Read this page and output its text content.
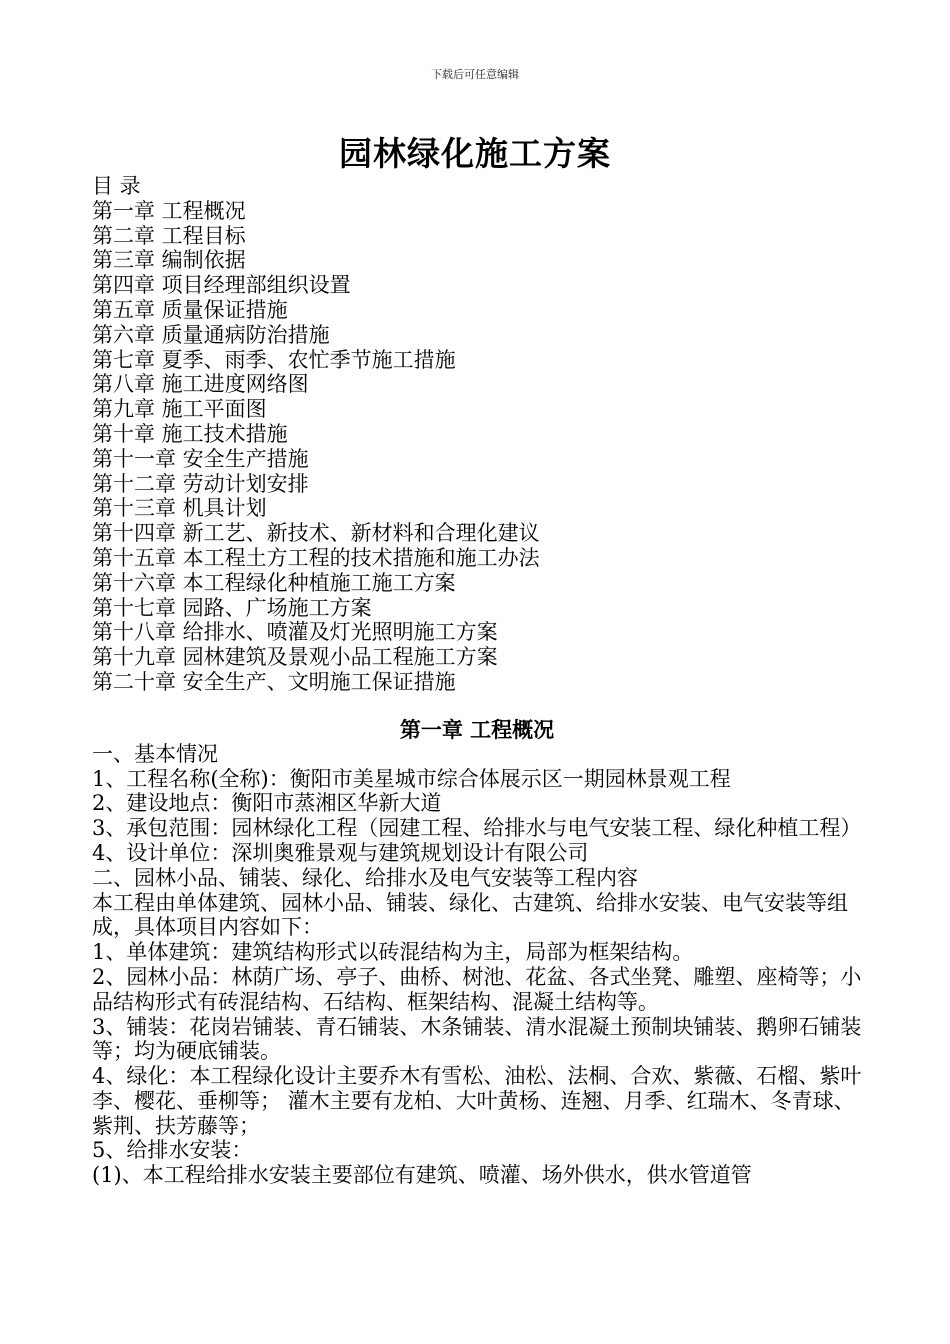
下载后可任意编辑
园林绿化施工方案

目 录

第一章 工程概况

第二章 工程目标

第三章 编制依据

第四章 项目经理部组织设置

第五章 质量保证措施

第六章 质量通病防治措施

第七章 夏季、雨季、农忙季节施工措施

第八章 施工进度网络图

第九章 施工平面图

第十章 施工技术措施

第十一章 安全生产措施

第十二章 劳动计划安排

第十三章 机具计划

第十四章 新工艺、新技术、新材料和合理化建议

第十五章 本工程土方工程的技术措施和施工办法

第十六章 本工程绿化种植施工施工方案

第十七章 园路、广场施工方案

第十八章 给排水、喷灌及灯光照明施工方案

第十九章 园林建筑及景观小品工程施工方案

第二十章 安全生产、文明施工保证措施

第一章 工程概况

一、基本情况

1、工程名称(全称)：衡阳市美星城市综合体展示区一期园林景观工程

2、建设地点：衡阳市蒸湘区华新大道

3、承包范围：园林绿化工程（园建工程、给排水与电气安装工程、绿化种植工程）

4、设计单位：深圳奥雅景观与建筑规划设计有限公司

二、园林小品、铺装、绿化、给排水及电气安装等工程内容

本工程由单体建筑、园林小品、铺装、绿化、古建筑、给排水安装、电气安装等组成，具体项目内容如下：

1、单体建筑：建筑结构形式以砖混结构为主，局部为框架结构。

2、园林小品：林荫广场、亭子、曲桥、树池、花盆、各式坐凳、雕塑、座椅等；小品结构形式有砖混结构、石结构、框架结构、混凝土结构等。

3、铺装：花岗岩铺装、青石铺装、木条铺装、清水混凝土预制块铺装、鹅卵石铺装等；均为硬底铺装。

4、绿化：本工程绿化设计主要乔木有雪松、油松、法桐、合欢、紫薇、石榴、紫叶李、樱花、垂柳等； 灌木主要有龙柏、大叶黄杨、连翘、月季、红瑞木、冬青球、紫荆、扶芳藤等；

5、给排水安装：

(1)、本工程给排水安装主要部位有建筑、喷灌、场外供水，供水管道管
